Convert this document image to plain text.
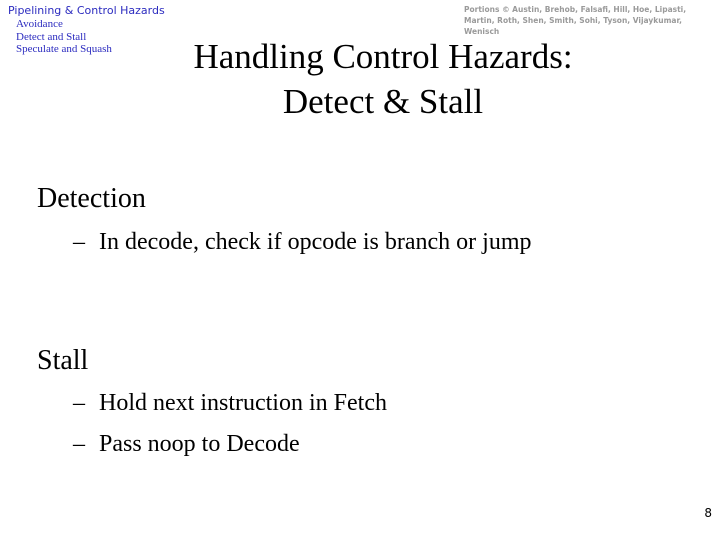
Pipelining & Control Hazards
Avoidance
Detect and Stall
Speculate and Squash
Portions © Austin, Brehob, Falsafi, Hill, Hoe, Lipasti, Martin, Roth, Shen, Smith, Sohi, Tyson, Vijaykumar, Wenisch
Handling Control Hazards:
Detect & Stall
Detection
– In decode, check if opcode is branch or jump
Stall
– Hold next instruction in Fetch
– Pass noop to Decode
8
